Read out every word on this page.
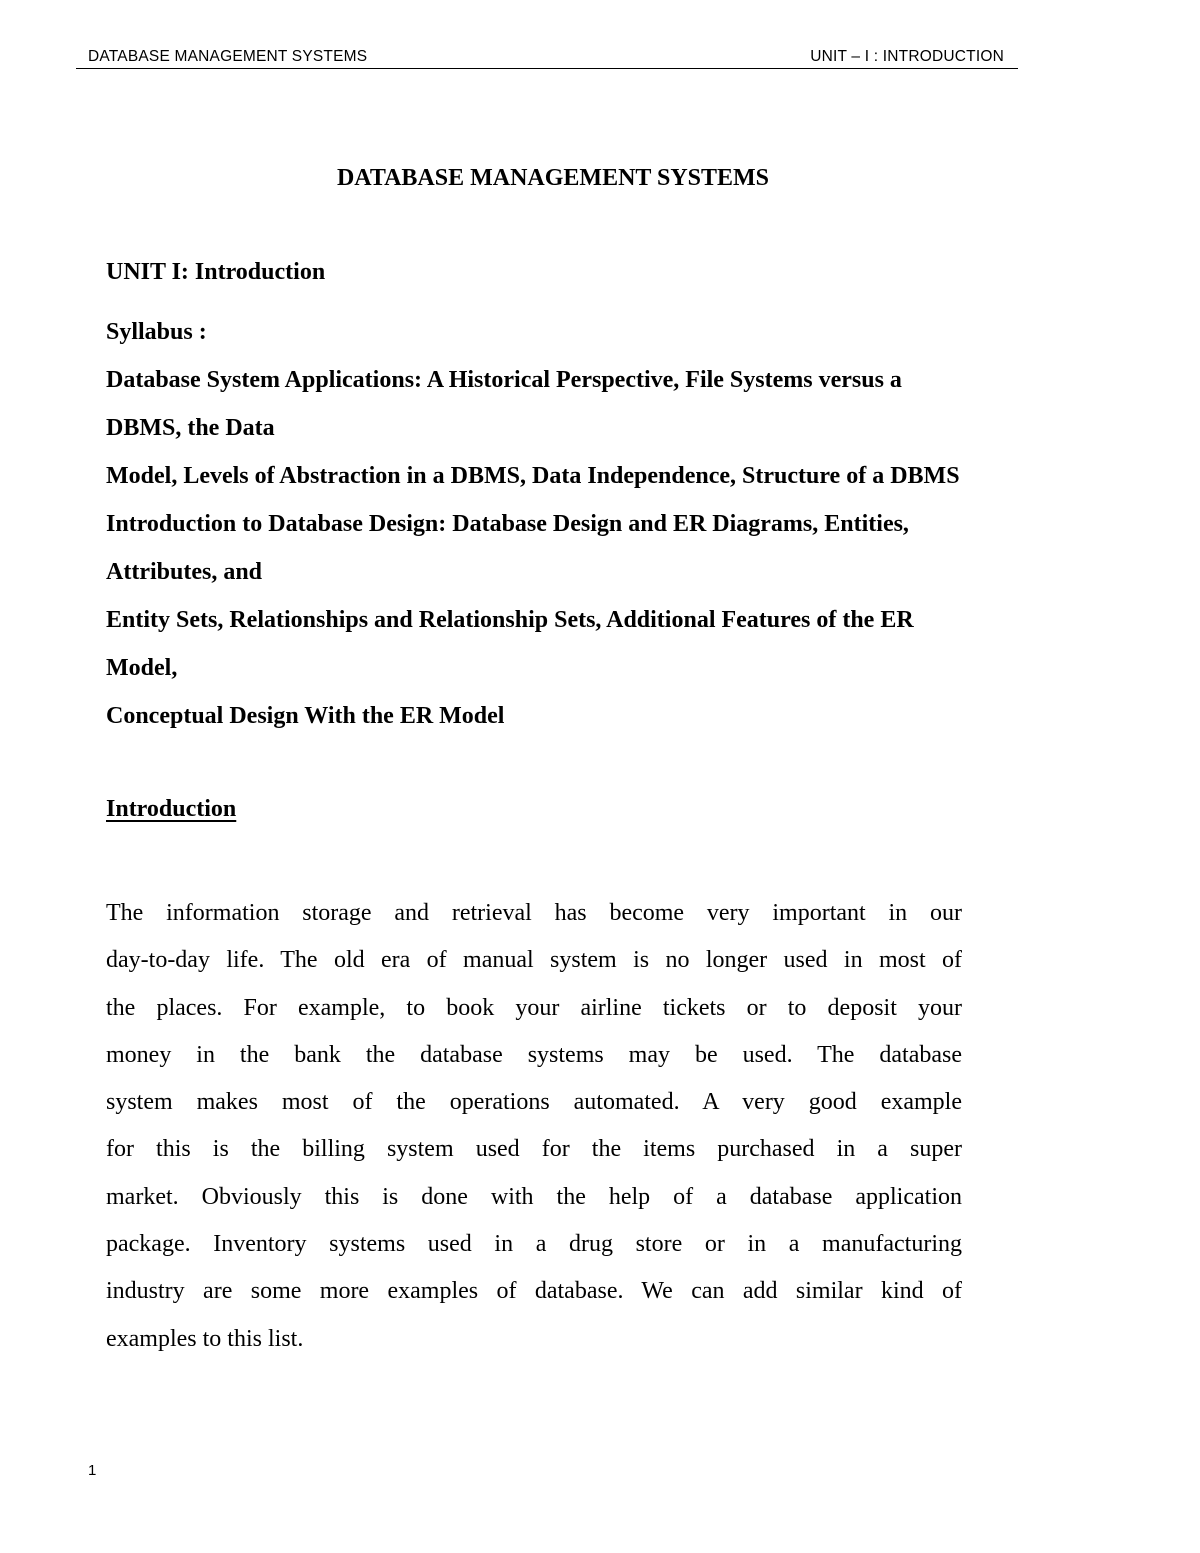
DATABASE MANAGEMENT SYSTEMS	UNIT – I : INTRODUCTION
DATABASE MANAGEMENT SYSTEMS
UNIT I: Introduction
Syllabus :
Database System Applications: A Historical Perspective, File Systems versus a
DBMS, the Data
Model, Levels of Abstraction in a DBMS, Data Independence, Structure of a DBMS
Introduction to Database Design: Database Design and ER Diagrams, Entities,
Attributes, and
Entity Sets, Relationships and Relationship Sets, Additional Features of the ER
Model,
Conceptual Design With the ER Model
Introduction
The information storage and retrieval has become very important in our
day-to-day life. The old era of manual system is no longer used in most of
the places. For example, to book your airline tickets or to deposit your
money in the bank the database systems may be used. The database
system makes most of the operations automated. A very good example
for this is the billing system used for the items purchased in a super
market. Obviously this is done with the help of a database application
package. Inventory systems used in a drug store or in a manufacturing
industry are some more examples of database. We can add similar kind of
examples to this list.
1
